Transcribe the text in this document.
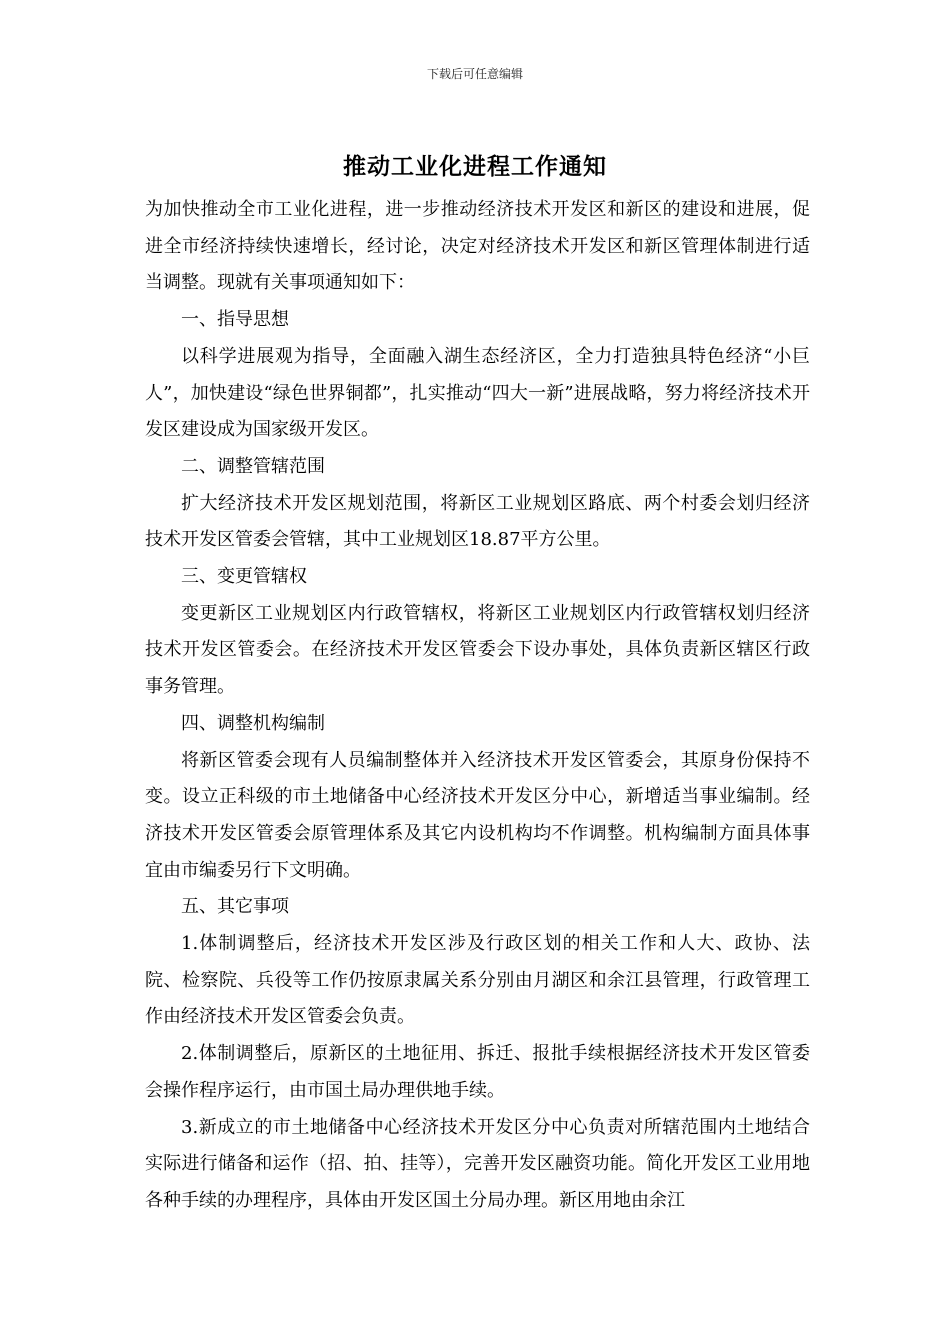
下载后可任意编辑
推动工业化进程工作通知

为加快推动全市工业化进程，进一步推动经济技术开发区和新区的建设和进展，促进全市经济持续快速增长，经讨论，决定对经济技术开发区和新区管理体制进行适当调整。现就有关事项通知如下：

一、指导思想

以科学进展观为指导，全面融入湖生态经济区，全力打造独具特色经济“小巨人”，加快建设“绿色世界铜都”，扎实推动“四大一新”进展战略，努力将经济技术开发区建设成为国家级开发区。

二、调整管辖范围

扩大经济技术开发区规划范围，将新区工业规划区路底、两个村委会划归经济技术开发区管委会管辖，其中工业规划区18.87平方公里。

三、变更管辖权

变更新区工业规划区内行政管辖权，将新区工业规划区内行政管辖权划归经济技术开发区管委会。在经济技术开发区管委会下设办事处，具体负责新区辖区行政事务管理。

四、调整机构编制

将新区管委会现有人员编制整体并入经济技术开发区管委会，其原身份保持不变。设立正科级的市土地储备中心经济技术开发区分中心，新增适当事业编制。经济技术开发区管委会原管理体系及其它内设机构均不作调整。机构编制方面具体事宜由市编委另行下文明确。

五、其它事项

1.体制调整后，经济技术开发区涉及行政区划的相关工作和人大、政协、法院、检察院、兵役等工作仍按原隶属关系分别由月湖区和余江县管理，行政管理工作由经济技术开发区管委会负责。

2.体制调整后，原新区的土地征用、拆迁、报批手续根据经济技术开发区管委会操作程序运行，由市国土局办理供地手续。

3.新成立的市土地储备中心经济技术开发区分中心负责对所辖范围内土地结合实际进行储备和运作（招、拍、挂等），完善开发区融资功能。简化开发区工业用地各种手续的办理程序，具体由开发区国土分局办理。新区用地由余江
